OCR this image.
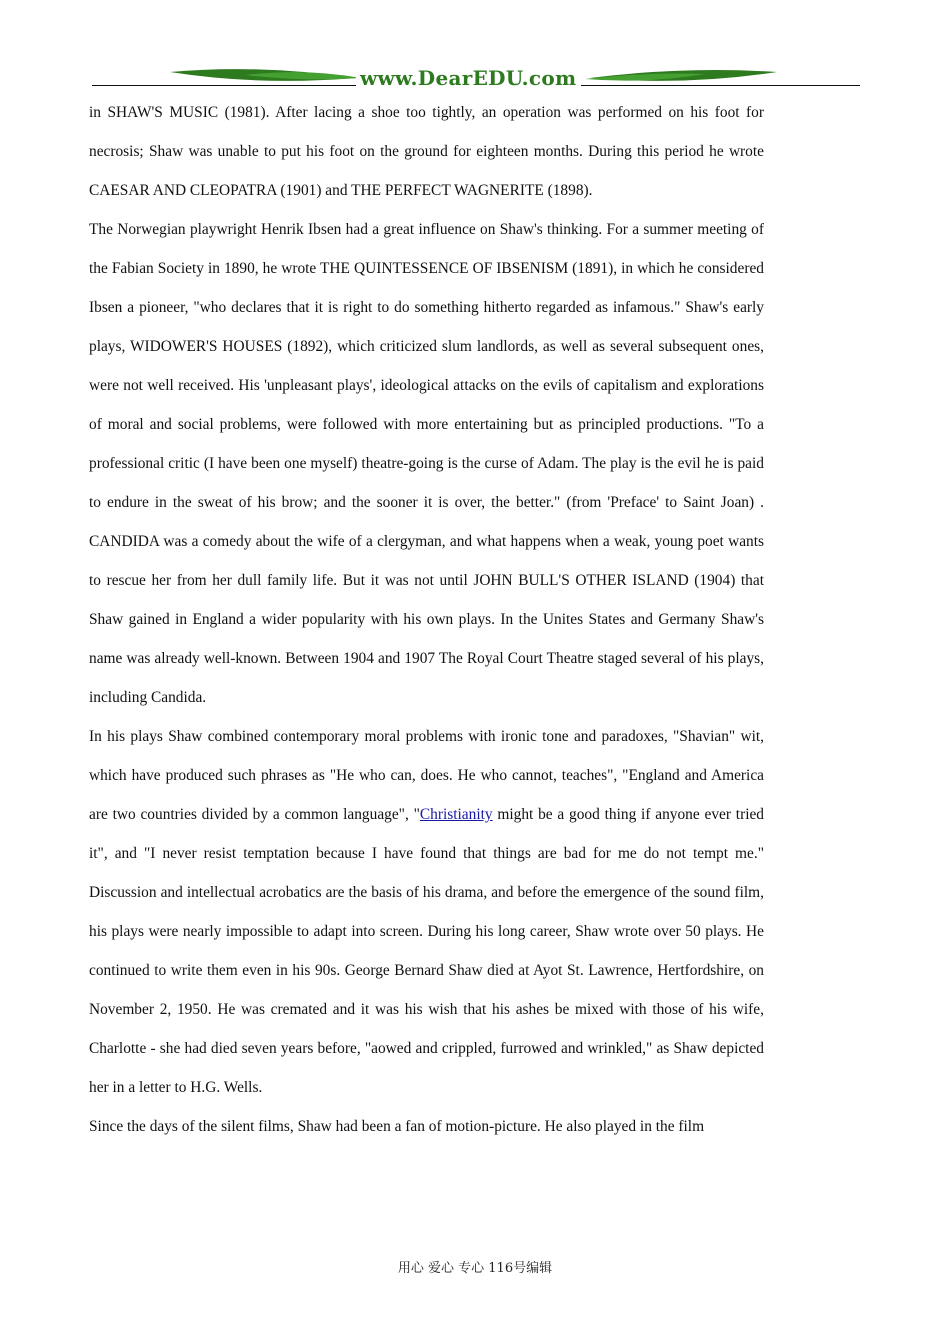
www.DearEDU.com

in SHAW'S MUSIC (1981). After lacing a shoe too tightly, an operation was performed on his foot for necrosis; Shaw was unable to put his foot on the ground for eighteen months. During this period he wrote CAESAR AND CLEOPATRA (1901) and THE PERFECT WAGNERITE (1898).

The Norwegian playwright Henrik Ibsen had a great influence on Shaw's thinking. For a summer meeting of the Fabian Society in 1890, he wrote THE QUINTESSENCE OF IBSENISM (1891), in which he considered Ibsen a pioneer, "who declares that it is right to do something hitherto regarded as infamous." Shaw's early plays, WIDOWER'S HOUSES (1892), which criticized slum landlords, as well as several subsequent ones, were not well received. His 'unpleasant plays', ideological attacks on the evils of capitalism and explorations of moral and social problems, were followed with more entertaining but as principled productions. "To a professional critic (I have been one myself) theatre-going is the curse of Adam. The play is the evil he is paid to endure in the sweat of his brow; and the sooner it is over, the better." (from 'Preface' to Saint Joan) . CANDIDA was a comedy about the wife of a clergyman, and what happens when a weak, young poet wants to rescue her from her dull family life. But it was not until JOHN BULL'S OTHER ISLAND (1904) that Shaw gained in England a wider popularity with his own plays. In the Unites States and Germany Shaw's name was already well-known. Between 1904 and 1907 The Royal Court Theatre staged several of his plays, including Candida.

In his plays Shaw combined contemporary moral problems with ironic tone and paradoxes, "Shavian" wit, which have produced such phrases as "He who can, does. He who cannot, teaches", "England and America are two countries divided by a common language", "Christianity might be a good thing if anyone ever tried it", and "I never resist temptation because I have found that things are bad for me do not tempt me." Discussion and intellectual acrobatics are the basis of his drama, and before the emergence of the sound film, his plays were nearly impossible to adapt into screen. During his long career, Shaw wrote over 50 plays. He continued to write them even in his 90s. George Bernard Shaw died at Ayot St. Lawrence, Hertfordshire, on November 2, 1950. He was cremated and it was his wish that his ashes be mixed with those of his wife, Charlotte - she had died seven years before, "aowed and crippled, furrowed and wrinkled," as Shaw depicted her in a letter to H.G. Wells.

Since the days of the silent films, Shaw had been a fan of motion-picture. He also played in the film

用心 爱心 专心 116号编辑
